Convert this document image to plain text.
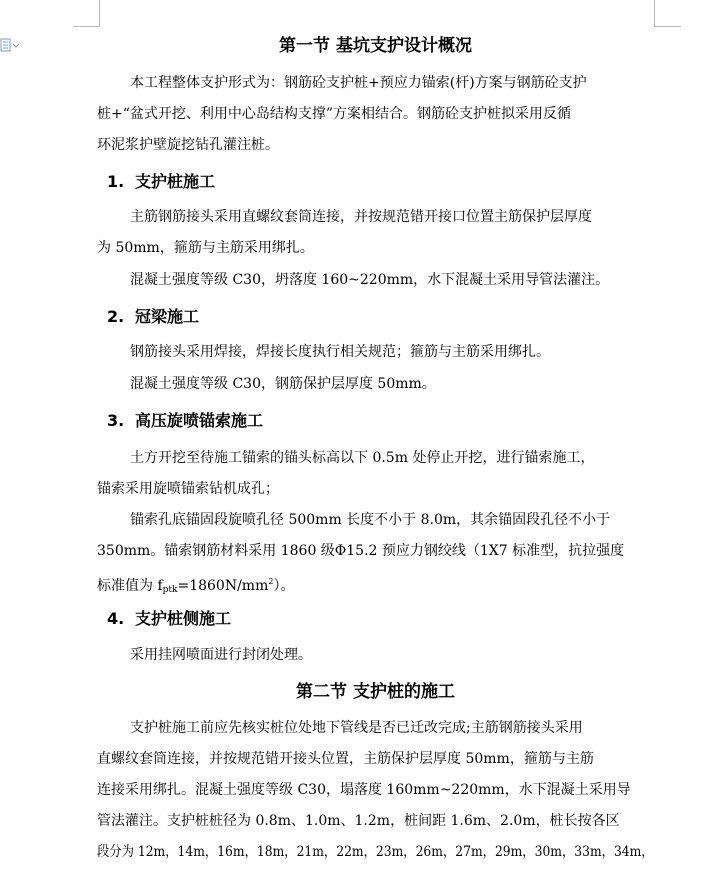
第一节 基坑支护设计概况
本工程整体支护形式为：钢筋砼支护桩+预应力锚索(杆)方案与钢筋砼支护
桩+“盆式开挖、利用中心岛结构支撑”方案相结合。钢筋砼支护桩拟采用反循
环泥浆护壁旋挖钻孔灌注桩。
1. 支护桩施工
主筋钢筋接头采用直螺纹套筒连接，并按规范错开接口位置主筋保护层厚度
为 50mm，箍筋与主筋采用绑扎。
混凝土强度等级 C30，坍落度 160~220mm，水下混凝土采用导管法灌注。
2. 冠梁施工
钢筋接头采用焊接，焊接长度执行相关规范；箍筋与主筋采用绑扎。
混凝土强度等级 C30，钢筋保护层厚度 50mm。
3. 高压旋喷锚索施工
土方开挖至待施工锚索的锚头标高以下 0.5m 处停止开挖，进行锚索施工，
锚索采用旋喷锚索钻机成孔；
锚索孔底锚固段旋喷孔径 500mm 长度不小于 8.0m，其余锚固段孔径不小于
350mm。锚索钢筋材料采用 1860 级Φ15.2 预应力钢绞线（1X7 标准型，抗拉强度
标准值为 $fptk=1860N/mm^2$）。
4. 支护桩侧施工
采用挂网喷面进行封闭处理。
第二节 支护桩的施工
支护桩施工前应先核实桩位处地下管线是否已迁改完成;主筋钢筋接头采用
直螺纹套筒连接，并按规范错开接头位置，主筋保护层厚度 50mm，箍筋与主筋
连接采用绑扎。混凝土强度等级 C30，塌落度 160mm~220mm，水下混凝土采用导
管法灌注。支护桩桩径为 0.8m、1.0m、1.2m，桩间距 1.6m、2.0m，桩长按各区
段分为 12m，14m，16m，18m，21m，22m，23m，26m，27m，29m，30m，33m，34m，
